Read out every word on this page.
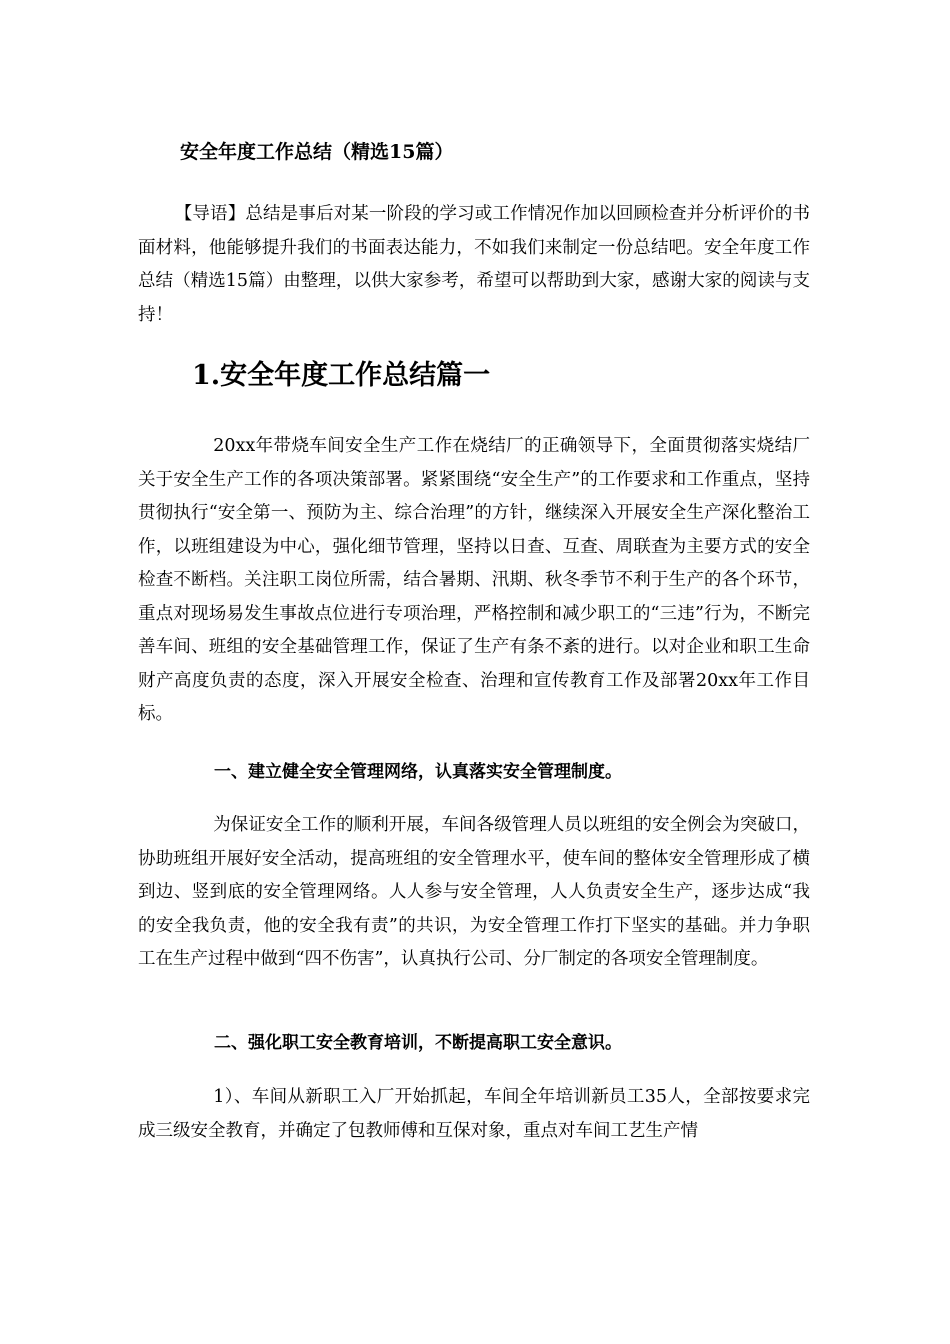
安全年度工作总结（精选15篇）

【导语】总结是事后对某一阶段的学习或工作情况作加以回顾检查并分析评价的书面材料，他能够提升我们的书面表达能力，不如我们来制定一份总结吧。安全年度工作总结（精选15篇）由整理，以供大家参考，希望可以帮助到大家，感谢大家的阅读与支持！

1.安全年度工作总结篇一

20xx年带烧车间安全生产工作在烧结厂的正确领导下，全面贯彻落实烧结厂关于安全生产工作的各项决策部署。紧紧围绕“安全生产”的工作要求和工作重点，坚持贯彻执行“安全第一、预防为主、综合治理”的方针，继续深入开展安全生产深化整治工作，以班组建设为中心，强化细节管理，坚持以日查、互查、周联查为主要方式的安全检查不断档。关注职工岗位所需，结合暑期、汛期、秋冬季节不利于生产的各个环节，重点对现场易发生事故点位进行专项治理，严格控制和减少职工的“三违”行为，不断完善车间、班组的安全基础管理工作，保证了生产有条不紊的进行。以对企业和职工生命财产高度负责的态度，深入开展安全检查、治理和宣传教育工作及部署20xx年工作目标。

一、建立健全安全管理网络，认真落实安全管理制度。

为保证安全工作的顺利开展，车间各级管理人员以班组的安全例会为突破口，协助班组开展好安全活动，提高班组的安全管理水平，使车间的整体安全管理形成了横到边、竖到底的安全管理网络。人人参与安全管理，人人负责安全生产，逐步达成“我的安全我负责，他的安全我有责”的共识，为安全管理工作打下坚实的基础。并力争职工在生产过程中做到“四不伤害”，认真执行公司、分厂制定的各项安全管理制度。

二、强化职工安全教育培训，不断提高职工安全意识。

1）、车间从新职工入厂开始抓起，车间全年培训新员工35人，全部按要求完成三级安全教育，并确定了包教师傅和互保对象，重点对车间工艺生产情
